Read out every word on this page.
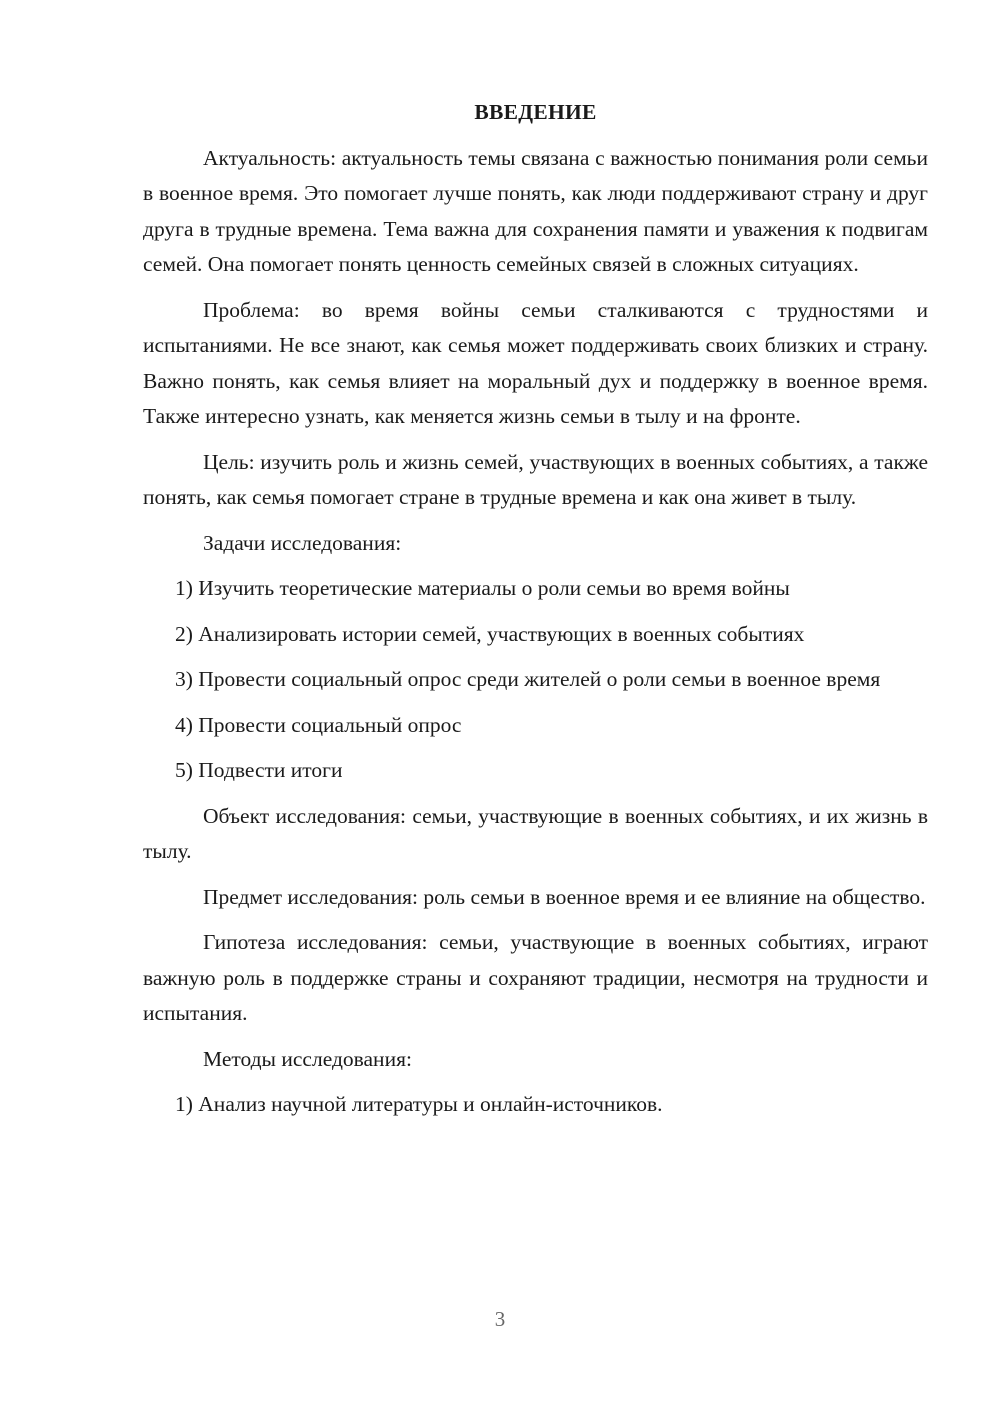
ВВЕДЕНИЕ

Актуальность: актуальность темы связана с важностью понимания роли семьи в военное время. Это помогает лучше понять, как люди поддерживают страну и друг друга в трудные времена. Тема важна для сохранения памяти и уважения к подвигам семей. Она помогает понять ценность семейных связей в сложных ситуациях.

Проблема: во время войны семьи сталкиваются с трудностями и испытаниями. Не все знают, как семья может поддерживать своих близких и страну. Важно понять, как семья влияет на моральный дух и поддержку в военное время. Также интересно узнать, как меняется жизнь семьи в тылу и на фронте.

Цель: изучить роль и жизнь семей, участвующих в военных событиях, а также понять, как семья помогает стране в трудные времена и как она живет в тылу.

Задачи исследования:

1) Изучить теоретические материалы о роли семьи во время войны

2) Анализировать истории семей, участвующих в военных событиях

3) Провести социальный опрос среди жителей о роли семьи в военное время

4) Провести социальный опрос

5) Подвести итоги

Объект исследования: семьи, участвующие в военных событиях, и их жизнь в тылу.

Предмет исследования: роль семьи в военное время и ее влияние на общество.

Гипотеза исследования: семьи, участвующие в военных событиях, играют важную роль в поддержке страны и сохраняют традиции, несмотря на трудности и испытания.

Методы исследования:

1) Анализ научной литературы и онлайн-источников.

3
